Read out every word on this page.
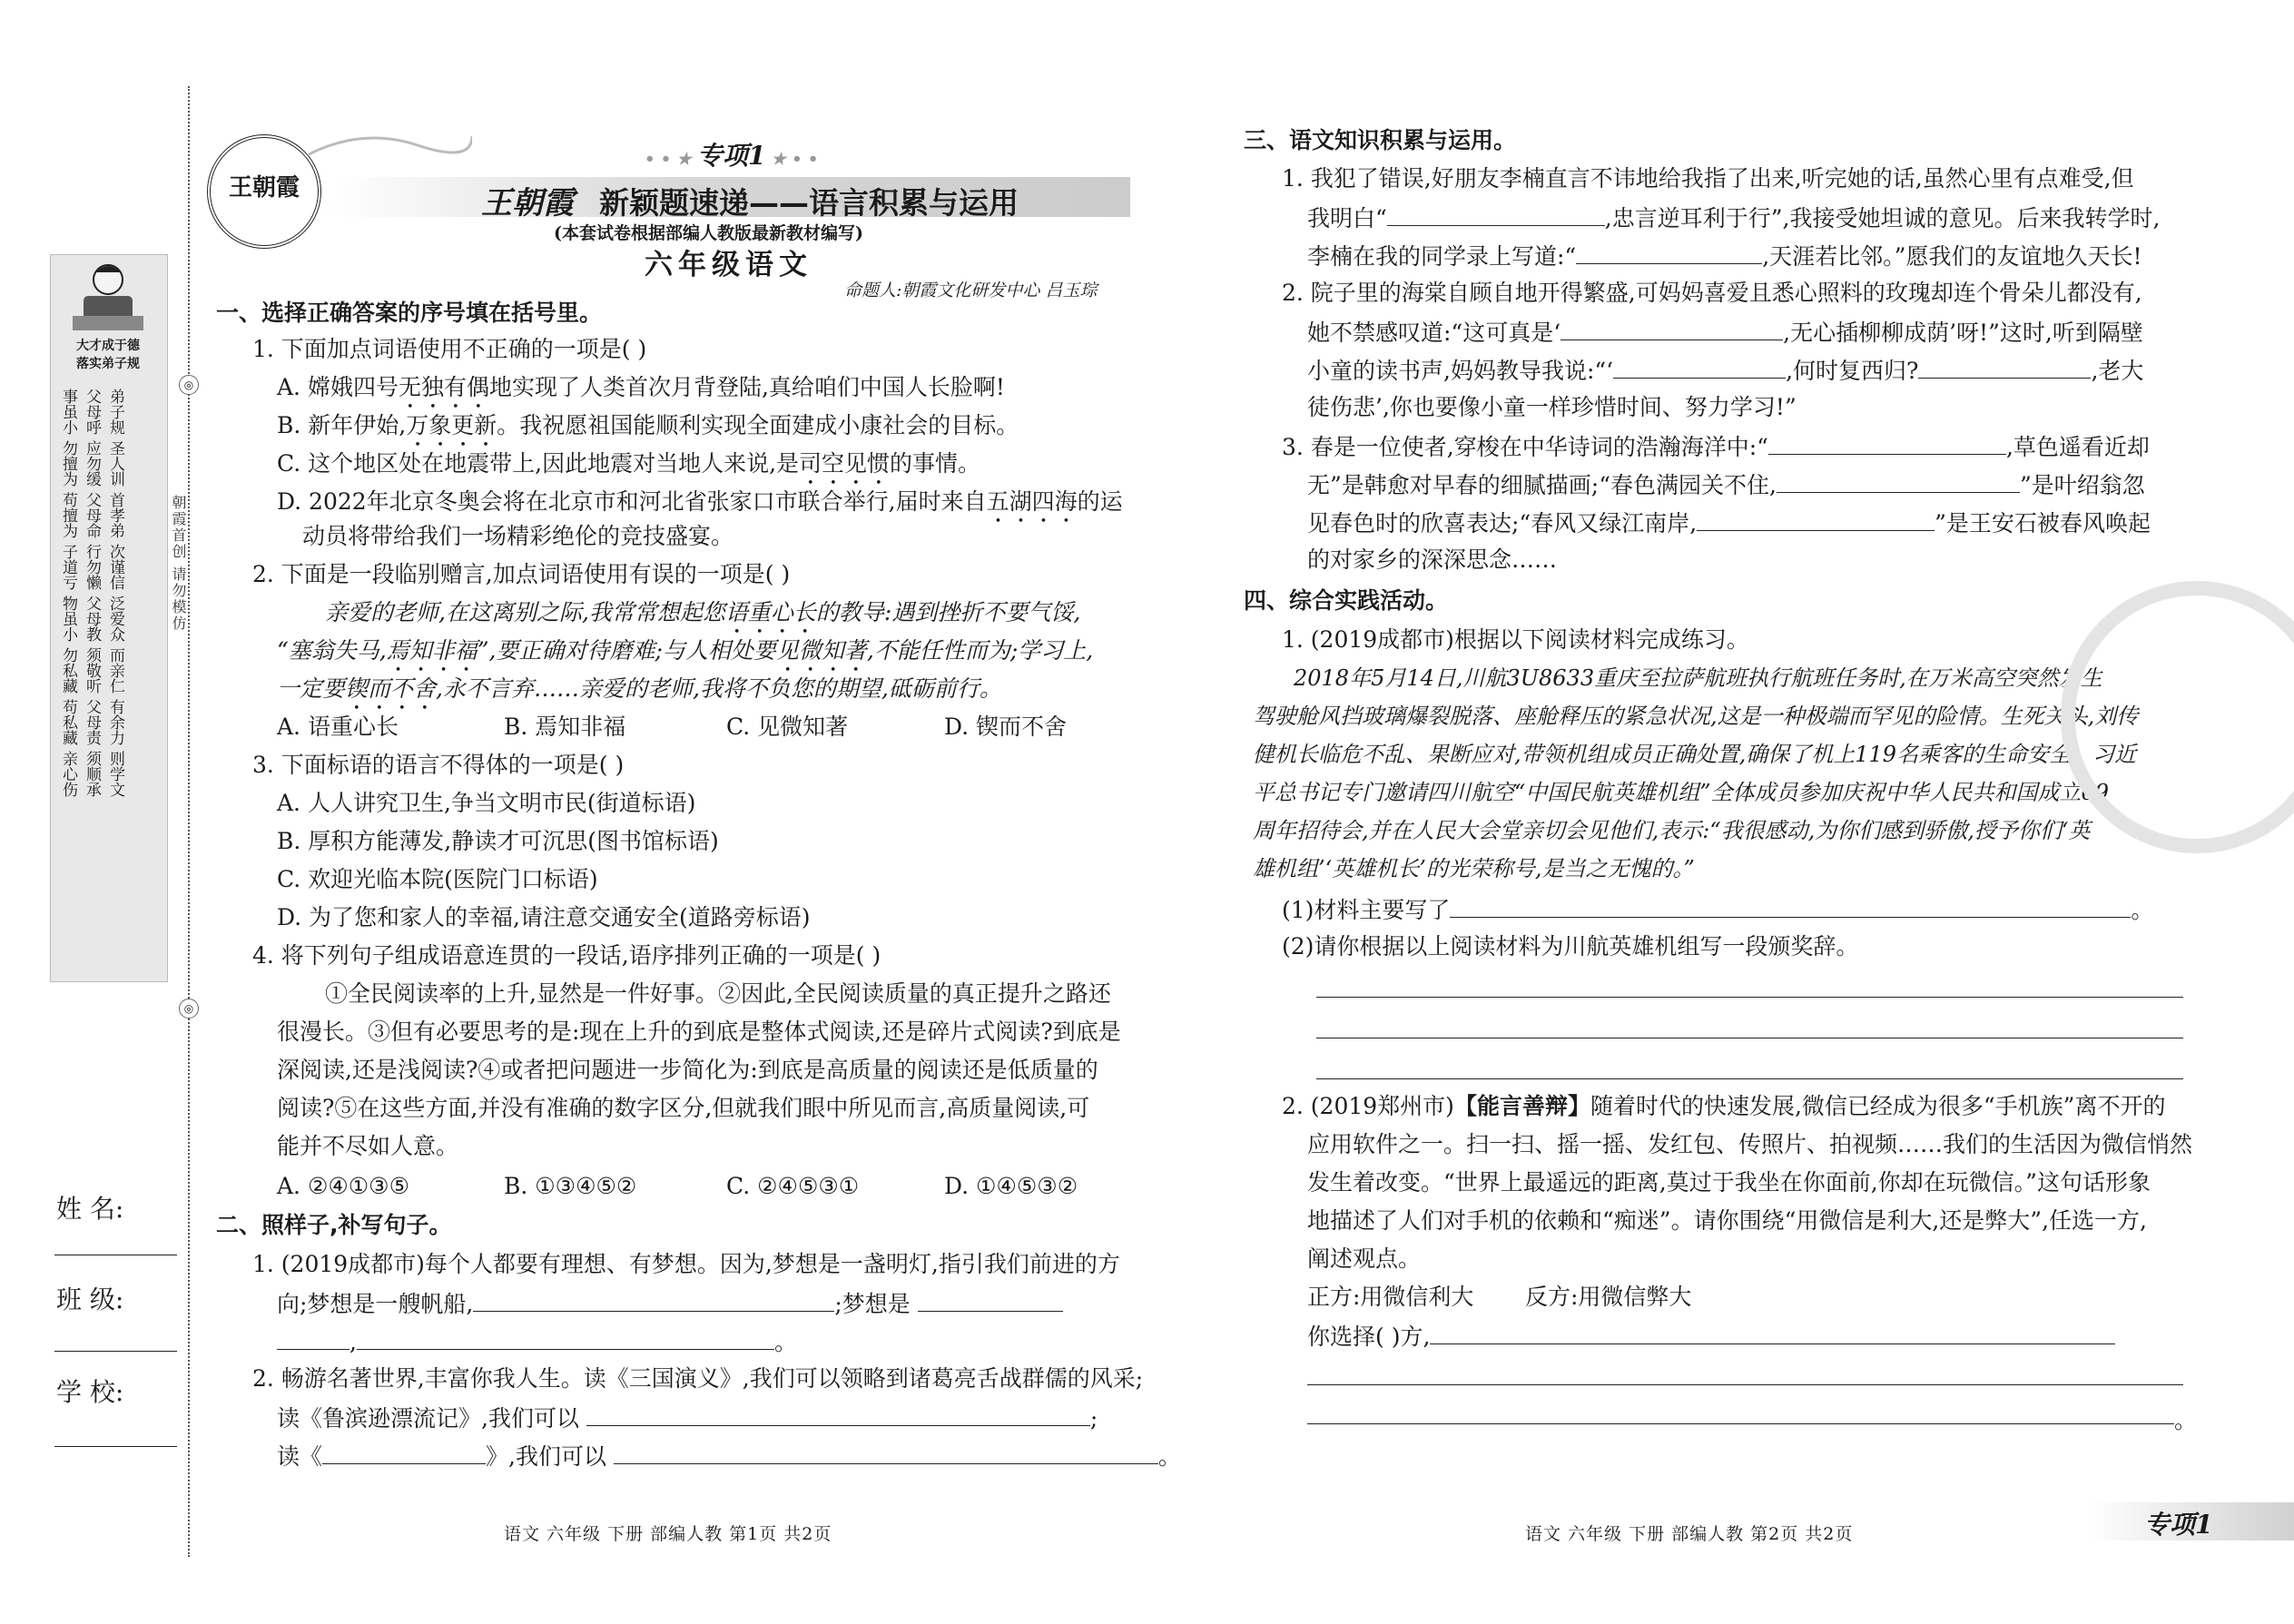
◎
◎
朝霞首创 请勿模仿
大才成于德
落实弟子规
事虽小 父母呼 弟子规
勿擅为 应勿缓 圣人训
苟擅为 父母命 首孝弟
子道亏 行勿懒 次谨信
物虽小 父母教 泛爱众
勿私藏 须敬听 而亲仁
苟私藏 父母责 有余力
亲心伤 须顺承 则学文
姓 名:
班 级:
学 校:
王朝霞
• • ★ 专项1 ★ • •
王朝霞 新颖题速递——语言积累与运用
(本套试卷根据部编人教版最新教材编写)
六年级语文
命题人:朝霞文化研发中心 吕玉琮
一、选择正确答案的序号填在括号里。
1. 下面加点词语使用不正确的一项是( )
A. 嫦娥四号无独有偶地实现了人类首次月背登陆,真给咱们中国人长脸啊!
B. 新年伊始,万象更新。我祝愿祖国能顺利实现全面建成小康社会的目标。
C. 这个地区处在地震带上,因此地震对当地人来说,是司空见惯的事情。
D. 2022年北京冬奥会将在北京市和河北省张家口市联合举行,届时来自五湖四海的运
动员将带给我们一场精彩绝伦的竞技盛宴。
2. 下面是一段临别赠言,加点词语使用有误的一项是( )
亲爱的老师,在这离别之际,我常常想起您语重心长的教导:遇到挫折不要气馁,
“塞翁失马,焉知非福”,要正确对待磨难;与人相处要见微知著,不能任性而为;学习上,
一定要锲而不舍,永不言弃……亲爱的老师,我将不负您的期望,砥砺前行。
A. 语重心长	B. 焉知非福	C. 见微知著	D. 锲而不舍
3. 下面标语的语言不得体的一项是( )
A. 人人讲究卫生,争当文明市民(街道标语)
B. 厚积方能薄发,静读才可沉思(图书馆标语)
C. 欢迎光临本院(医院门口标语)
D. 为了您和家人的幸福,请注意交通安全(道路旁标语)
4. 将下列句子组成语意连贯的一段话,语序排列正确的一项是( )
①全民阅读率的上升,显然是一件好事。②因此,全民阅读质量的真正提升之路还
很漫长。③但有必要思考的是:现在上升的到底是整体式阅读,还是碎片式阅读?到底是
深阅读,还是浅阅读?④或者把问题进一步简化为:到底是高质量的阅读还是低质量的
阅读?⑤在这些方面,并没有准确的数字区分,但就我们眼中所见而言,高质量阅读,可
能并不尽如人意。
A. ②④①③⑤	B. ①③④⑤②	C. ②④⑤③①	D. ①④⑤③②
二、照样子,补写句子。
1. (2019成都市)每个人都要有理想、有梦想。因为,梦想是一盏明灯,指引我们前进的方
向;梦想是一艘帆船,	;梦想是
,	。
2. 畅游名著世界,丰富你我人生。读《三国演义》,我们可以领略到诸葛亮舌战群儒的风采;
读《鲁滨逊漂流记》,我们可以	;
读《	》,我们可以	。
三、语文知识积累与运用。
1. 我犯了错误,好朋友李楠直言不讳地给我指了出来,听完她的话,虽然心里有点难受,但
我明白“	,忠言逆耳利于行”,我接受她坦诚的意见。后来我转学时,
李楠在我的同学录上写道:“	,天涯若比邻。”愿我们的友谊地久天长!
2. 院子里的海棠自顾自地开得繁盛,可妈妈喜爱且悉心照料的玫瑰却连个骨朵儿都没有,
她不禁感叹道:“这可真是‘	,无心插柳柳成荫’呀!”这时,听到隔壁
小童的读书声,妈妈教导我说:“‘	,何时复西归?	,老大
徒伤悲’,你也要像小童一样珍惜时间、努力学习!”
3. 春是一位使者,穿梭在中华诗词的浩瀚海洋中:“	,草色遥看近却
无”是韩愈对早春的细腻描画;“春色满园关不住,	”是叶绍翁忽
见春色时的欣喜表达;“春风又绿江南岸,	”是王安石被春风唤起
的对家乡的深深思念……
四、综合实践活动。
1. (2019成都市)根据以下阅读材料完成练习。
2018年5月14日,川航3U8633重庆至拉萨航班执行航班任务时,在万米高空突然发生
驾驶舱风挡玻璃爆裂脱落、座舱释压的紧急状况,这是一种极端而罕见的险情。生死关头,刘传
健机长临危不乱、果断应对,带领机组成员正确处置,确保了机上119名乘客的生命安全。习近
平总书记专门邀请四川航空“中国民航英雄机组”全体成员参加庆祝中华人民共和国成立69
周年招待会,并在人民大会堂亲切会见他们,表示:“我很感动,为你们感到骄傲,授予你们‘英
雄机组’‘英雄机长’的光荣称号,是当之无愧的。”
(1)材料主要写了	。
(2)请你根据以上阅读材料为川航英雄机组写一段颁奖辞。
2. (2019郑州市)【能言善辩】随着时代的快速发展,微信已经成为很多“手机族”离不开的
应用软件之一。扫一扫、摇一摇、发红包、传照片、拍视频……我们的生活因为微信悄然
发生着改变。“世界上最遥远的距离,莫过于我坐在你面前,你却在玩微信。”这句话形象
地描述了人们对手机的依赖和“痴迷”。请你围绕“用微信是利大,还是弊大”,任选一方,
阐述观点。
正方:用微信利大 反方:用微信弊大
你选择( )方,
。
语文 六年级 下册 部编人教 第1页 共2页	语文 六年级 下册 部编人教 第2页 共2页	专项1
